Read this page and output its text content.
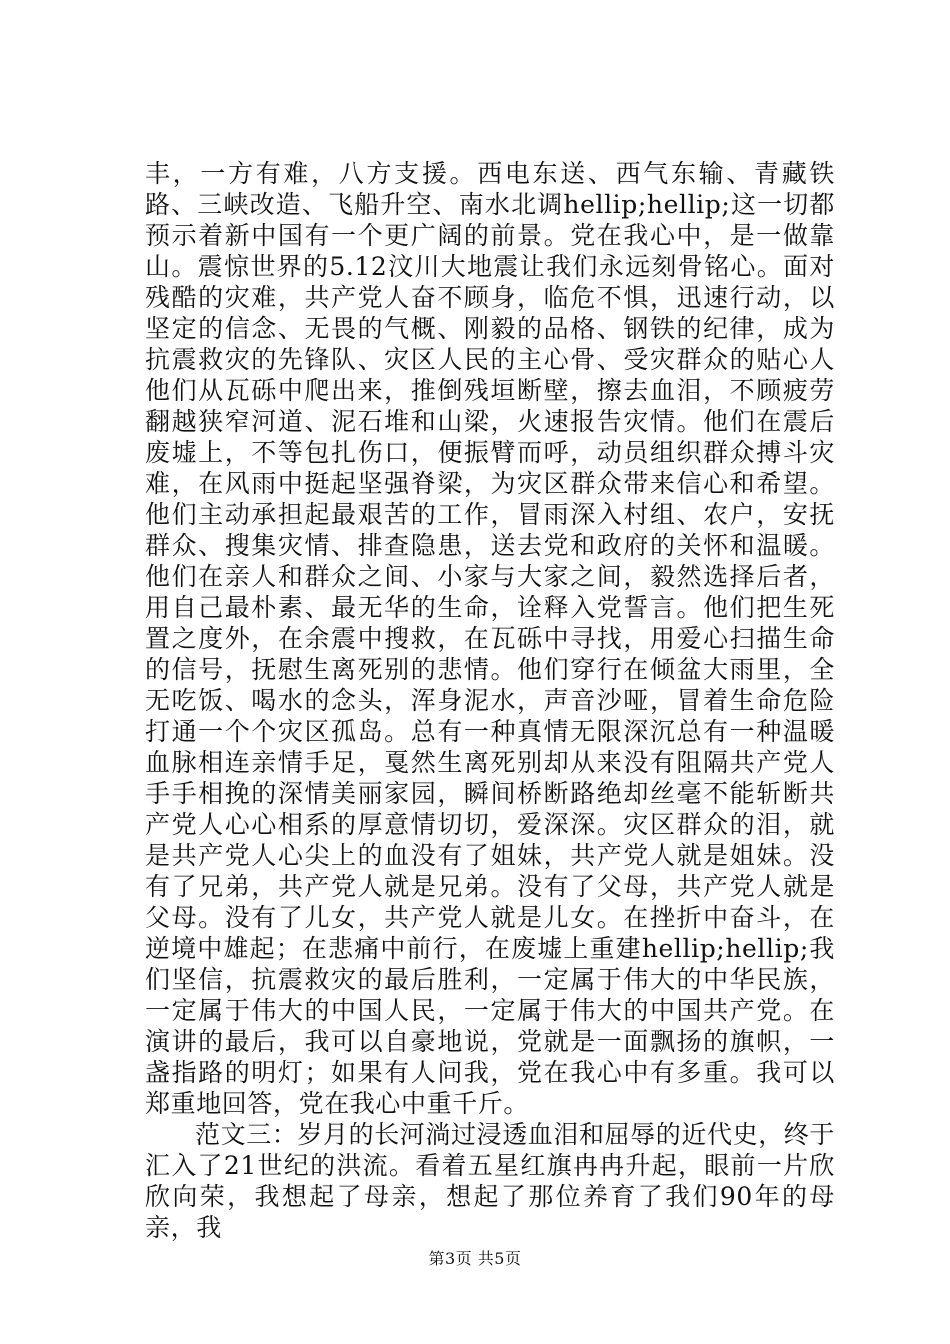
丰，一方有难，八方支援。西电东送、西气东输、青藏铁路、三峡改造、飞船升空、南水北调hellip;hellip;这一切都预示着新中国有一个更广阔的前景。党在我心中，是一做靠山。震惊世界的5.12汶川大地震让我们永远刻骨铭心。面对残酷的灾难，共产党人奋不顾身，临危不惧，迅速行动，以坚定的信念、无畏的气概、刚毅的品格、钢铁的纪律，成为抗震救灾的先锋队、灾区人民的主心骨、受灾群众的贴心人他们从瓦砾中爬出来，推倒残垣断壁，擦去血泪，不顾疲劳翻越狭窄河道、泥石堆和山梁，火速报告灾情。他们在震后废墟上，不等包扎伤口，便振臂而呼，动员组织群众搏斗灾难，在风雨中挺起坚强脊梁，为灾区群众带来信心和希望。他们主动承担起最艰苦的工作，冒雨深入村组、农户，安抚群众、搜集灾情、排查隐患，送去党和政府的关怀和温暖。他们在亲人和群众之间、小家与大家之间，毅然选择后者，用自己最朴素、最无华的生命，诠释入党誓言。他们把生死置之度外，在余震中搜救，在瓦砾中寻找，用爱心扫描生命的信号，抚慰生离死别的悲情。他们穿行在倾盆大雨里，全无吃饭、喝水的念头，浑身泥水，声音沙哑，冒着生命危险打通一个个灾区孤岛。总有一种真情无限深沉总有一种温暖血脉相连亲情手足，戛然生离死别却从来没有阻隔共产党人手手相挽的深情美丽家园，瞬间桥断路绝却丝毫不能斩断共产党人心心相系的厚意情切切，爱深深。灾区群众的泪，就是共产党人心尖上的血没有了姐妹，共产党人就是姐妹。没有了兄弟，共产党人就是兄弟。没有了父母，共产党人就是父母。没有了儿女，共产党人就是儿女。在挫折中奋斗，在逆境中雄起；在悲痛中前行，在废墟上重建hellip;hellip;我们坚信，抗震救灾的最后胜利，一定属于伟大的中华民族，一定属于伟大的中国人民，一定属于伟大的中国共产党。在演讲的最后，我可以自豪地说，党就是一面飘扬的旗帜，一盏指路的明灯；如果有人问我，党在我心中有多重。我可以郑重地回答，党在我心中重千斤。

范文三：岁月的长河淌过浸透血泪和屈辱的近代史，终于汇入了21世纪的洪流。看着五星红旗冉冉升起，眼前一片欣欣向荣，我想起了母亲，想起了那位养育了我们90年的母亲，我

第3页 共5页
